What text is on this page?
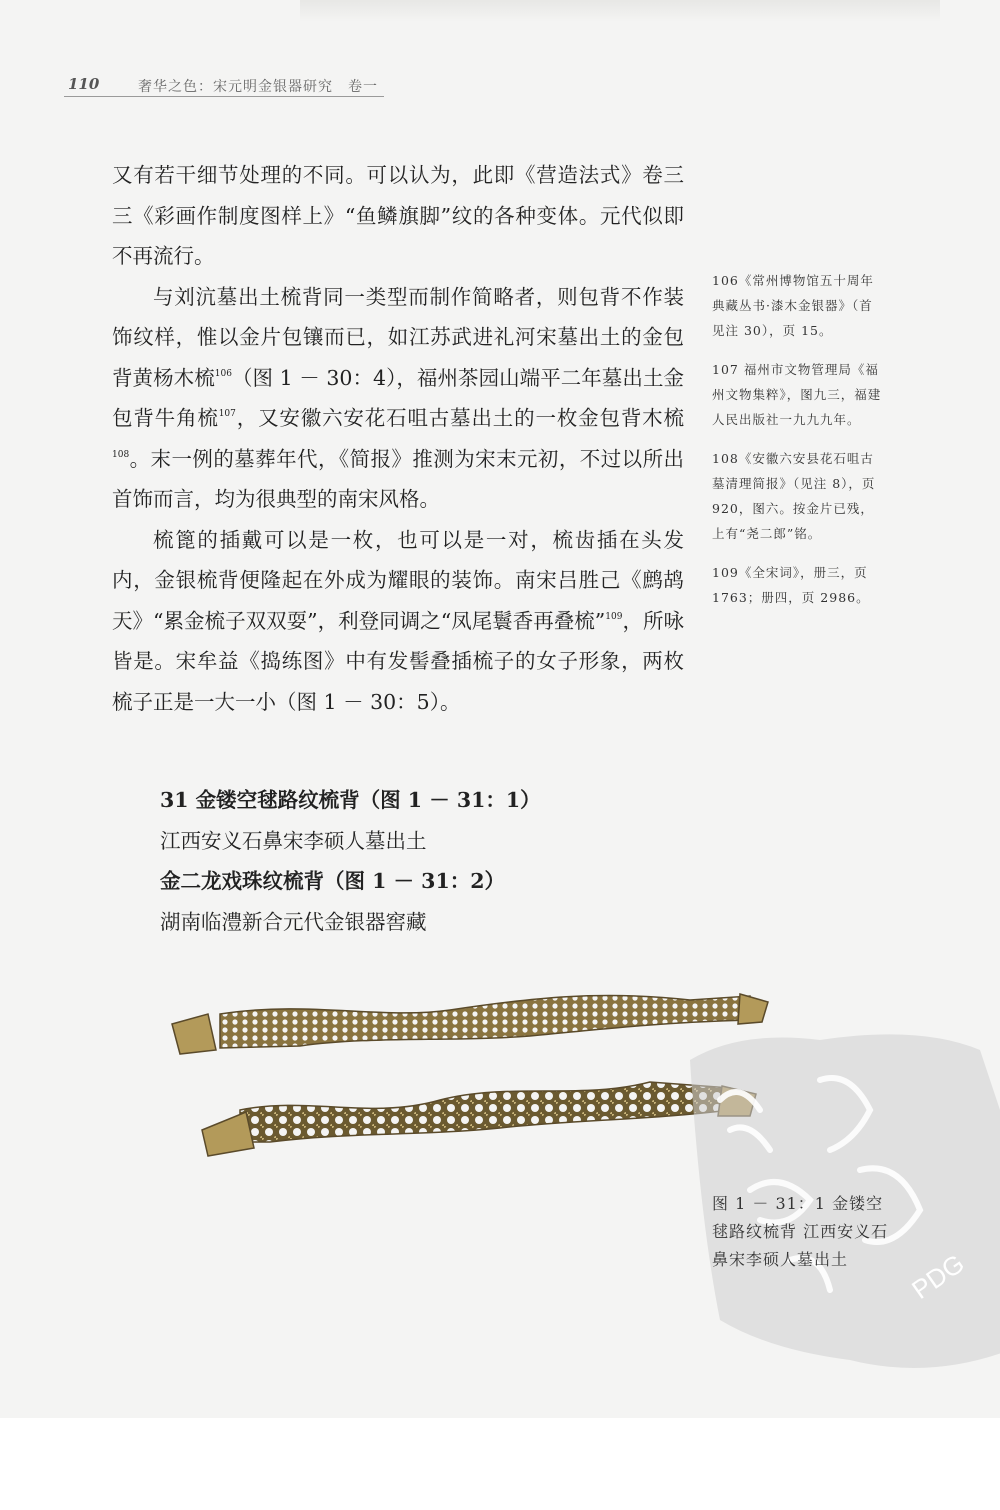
110	奢华之色：宋元明金银器研究　卷一

又有若干细节处理的不同。可以认为，此即《营造法式》卷三三《彩画作制度图样上》“鱼鳞旗脚”纹的各种变体。元代似即不再流行。

与刘沆墓出土梳背同一类型而制作简略者，则包背不作装饰纹样，惟以金片包镶而已，如江苏武进礼河宋墓出土的金包背黄杨木梳$^{106}$（图 1 － 30：4），福州茶园山端平二年墓出土金包背牛角梳$^{107}$，又安徽六安花石咀古墓出土的一枚金包背木梳$^{108}$。末一例的墓葬年代，《简报》推测为宋末元初，不过以所出首饰而言，均为很典型的南宋风格。

梳篦的插戴可以是一枚，也可以是一对，梳齿插在头发内，金银梳背便隆起在外成为耀眼的装饰。南宋吕胜己《鹧鸪天》“累金梳子双双耍”，利登同调之“凤尾鬟香再叠梳”$^{109}$，所咏皆是。宋牟益《捣练图》中有发髻叠插梳子的女子形象，两枚梳子正是一大一小（图 1 － 30：5）。

106《常州博物馆五十周年典藏丛书·漆木金银器》（首见注 30），页 15。
107 福州市文物管理局《福州文物集粹》，图九三，福建人民出版社一九九九年。
108《安徽六安县花石咀古墓清理简报》（见注 8），页 920，图六。按金片已残，上有“尧二郎”铭。
109《全宋词》，册三，页 1763；册四，页 2986。
31 金镂空毬路纹梳背（图 1 － 31：1）
江西安义石鼻宋李硕人墓出土
金二龙戏珠纹梳背（图 1 － 31：2）
湖南临澧新合元代金银器窖藏
PDG
图 1 － 31：1 金镂空毬路纹梳背 江西安义石鼻宋李硕人墓出土
